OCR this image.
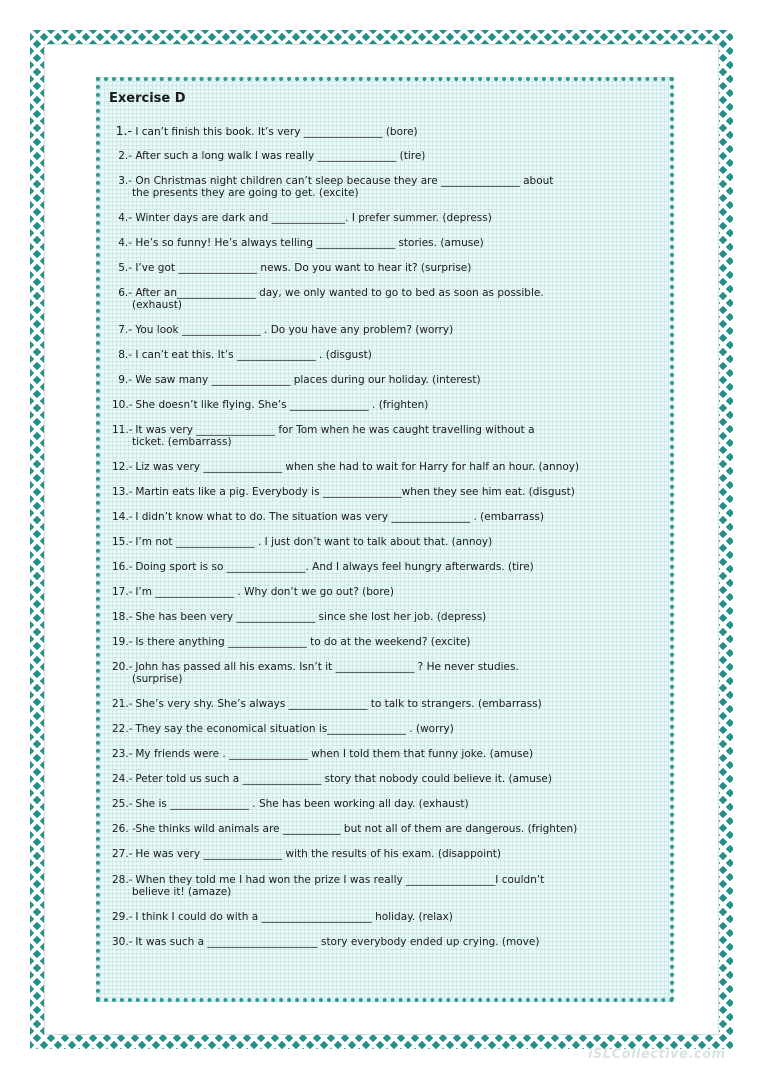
Exercise D
1.- I can’t finish this book. It’s very _______________ (bore)
2.- After such a long walk I was really _______________ (tire)
3.- On Christmas night children can’t sleep because they are _______________ about
the presents they are going to get. (excite)
4.- Winter days are dark and ______________. I prefer summer. (depress)
4.- He’s so funny! He’s always telling _______________ stories. (amuse)
5.- I’ve got _______________ news. Do you want to hear it? (surprise)
6.- After an_______________ day, we only wanted to go to bed as soon as possible.
(exhaust)
7.- You look _______________ . Do you have any problem? (worry)
8.- I can’t eat this. It’s _______________ . (disgust)
9.- We saw many _______________ places during our holiday. (interest)
10.- She doesn’t like flying. She’s _______________ . (frighten)
11.- It was very _______________ for Tom when he was caught travelling without a
ticket. (embarrass)
12.- Liz was very _______________ when she had to wait for Harry for half an hour. (annoy)
13.- Martin eats like a pig. Everybody is _______________when they see him eat. (disgust)
14.- I didn’t know what to do. The situation was very _______________ . (embarrass)
15.- I’m not _______________ . I just don’t want to talk about that. (annoy)
16.- Doing sport is so _______________. And I always feel hungry afterwards. (tire)
17.- I’m _______________ . Why don’t we go out? (bore)
18.- She has been very _______________ since she lost her job. (depress)
19.- Is there anything _______________ to do at the weekend? (excite)
20.- John has passed all his exams. Isn’t it _______________ ? He never studies.
(surprise)
21.- She’s very shy. She’s always _______________ to talk to strangers. (embarrass)
22.- They say the economical situation is_______________ . (worry)
23.- My friends were . _______________ when I told them that funny joke. (amuse)
24.- Peter told us such a _______________ story that nobody could believe it. (amuse)
25.- She is _______________ . She has been working all day. (exhaust)
26. - She thinks wild animals are ___________ but not all of them are dangerous. (frighten)
27.- He was very _______________ with the results of his exam. (disappoint)
28.- When they told me I had won the prize I was really _________________I couldn’t
believe it! (amaze)
29.- I think I could do with a _____________________ holiday. (relax)
30.- It was such a _____________________ story everybody ended up crying. (move)
iSLCollective.com
